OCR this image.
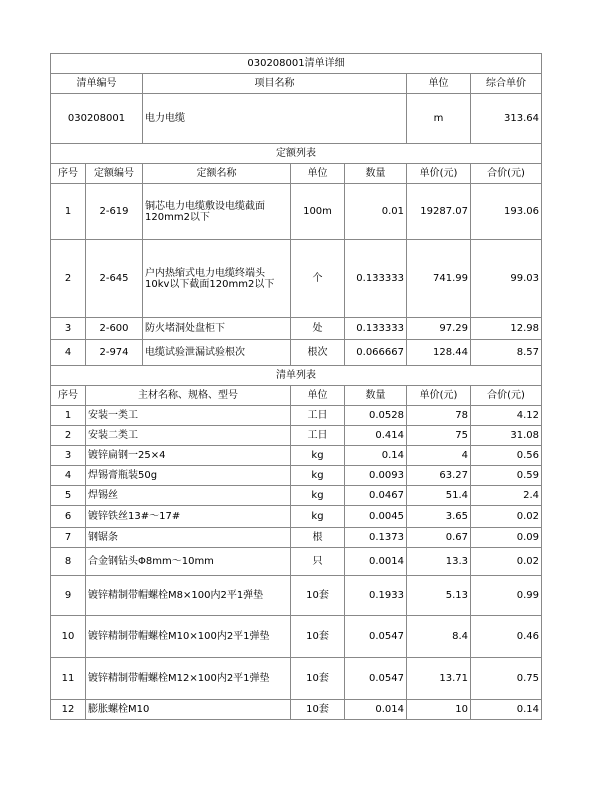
030208001清单详细						
清单编号		项目名称			单位	综合单价
030208001		电力电缆			m	313.64
定额列表						
序号	定额编号	定额名称	单位	数量	单价(元)	合价(元)
1	2-619	铜芯电力电缆敷设电缆截面120mm2以下	100m	0.01	19287.07	193.06
2	2-645	户内热缩式电力电缆终端头10kv以下截面120mm2以下	个	0.133333	741.99	99.03
3	2-600	防火堵洞处盘柜下	处	0.133333	97.29	12.98
4	2-974	电缆试验泄漏试验根次	根次	0.066667	128.44	8.57
清单列表						
序号	主材名称、规格、型号		单位	数量	单价(元)	合价(元)
1	安装一类工		工日	0.0528	78	4.12
2	安装二类工		工日	0.414	75	31.08
3	镀锌扁钢一25×4		kg	0.14	4	0.56
4	焊锡膏瓶装50g		kg	0.0093	63.27	0.59
5	焊锡丝		kg	0.0467	51.4	2.4
6	镀锌铁丝13#～17#		kg	0.0045	3.65	0.02
7	钢锯条		根	0.1373	0.67	0.09
8	合金钢钻头Φ8mm～10mm		只	0.0014	13.3	0.02
9	镀锌精制带帽螺栓M8×100内2平1弹垫		10套	0.1933	5.13	0.99
10	镀锌精制带帽螺栓M10×100内2平1弹垫		10套	0.0547	8.4	0.46
11	镀锌精制带帽螺栓M12×100内2平1弹垫		10套	0.0547	13.71	0.75
12	膨胀螺栓M10		10套	0.014	10	0.14
